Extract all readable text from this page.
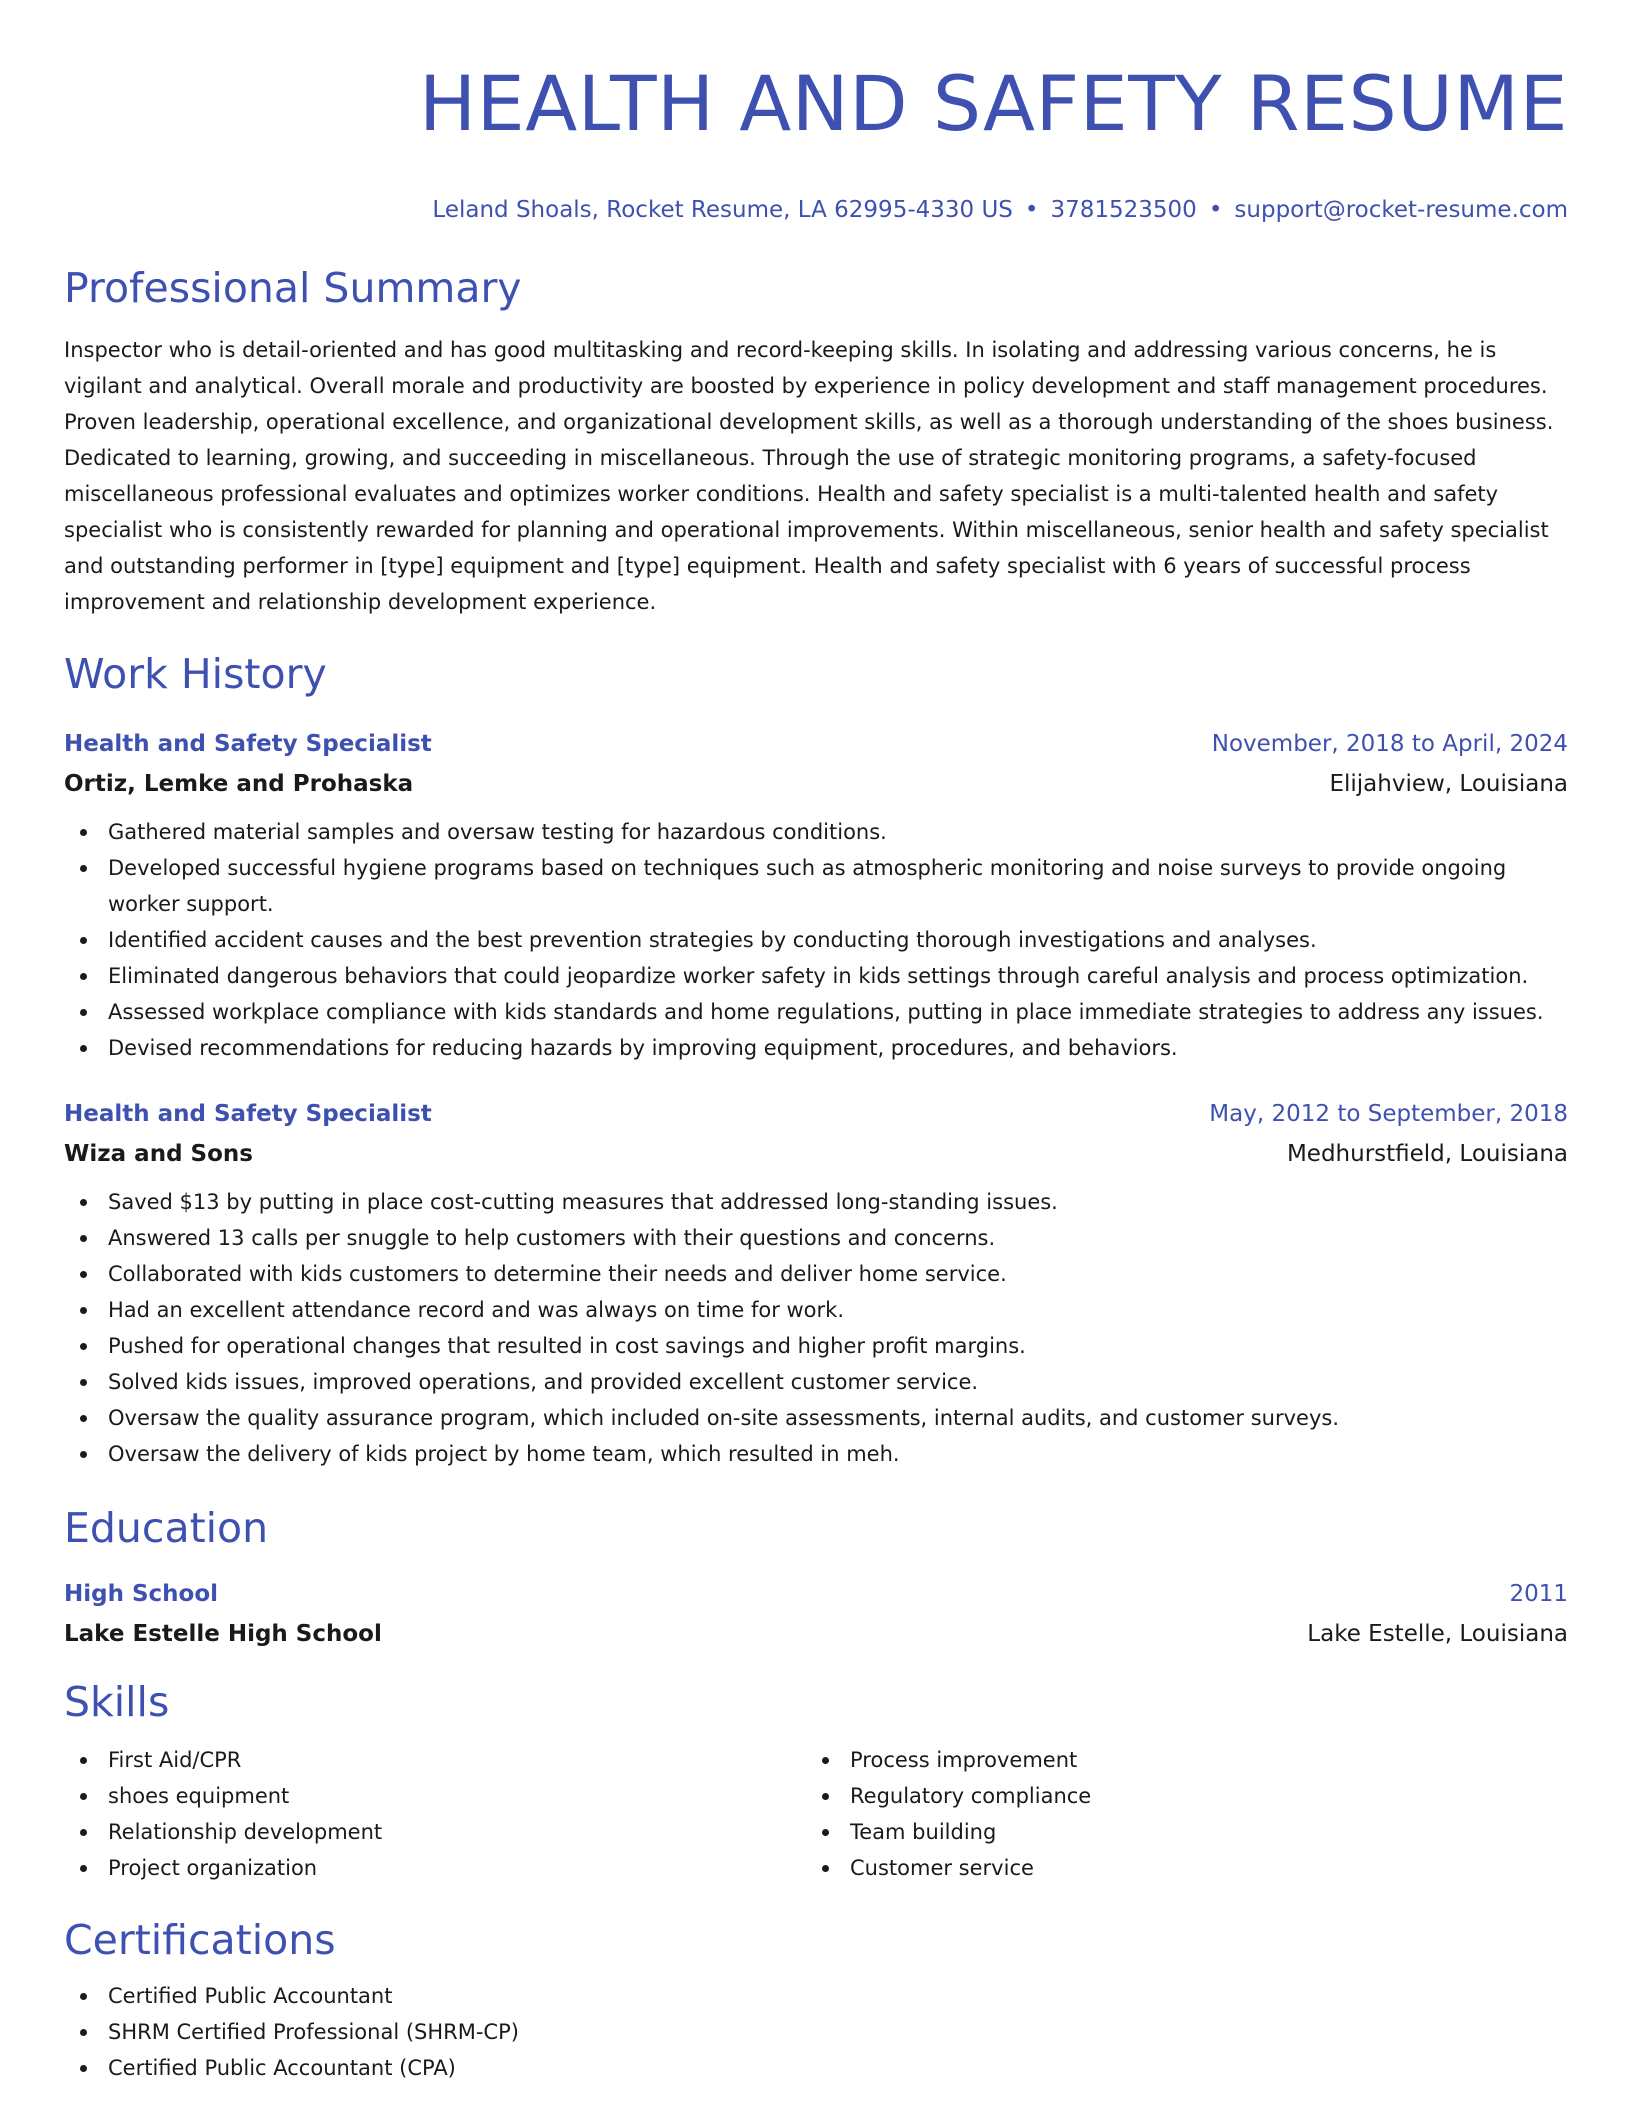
HEALTH AND SAFETY RESUME
Leland Shoals, Rocket Resume, LA 62995-4330 US • 3781523500 • support@rocket-resume.com
Professional Summary
Inspector who is detail-oriented and has good multitasking and record-keeping skills. In isolating and addressing various concerns, he is vigilant and analytical. Overall morale and productivity are boosted by experience in policy development and staff management procedures. Proven leadership, operational excellence, and organizational development skills, as well as a thorough understanding of the shoes business. Dedicated to learning, growing, and succeeding in miscellaneous. Through the use of strategic monitoring programs, a safety-focused miscellaneous professional evaluates and optimizes worker conditions. Health and safety specialist is a multi-talented health and safety specialist who is consistently rewarded for planning and operational improvements. Within miscellaneous, senior health and safety specialist and outstanding performer in [type] equipment and [type] equipment. Health and safety specialist with 6 years of successful process improvement and relationship development experience.
Work History
Health and Safety Specialist	November, 2018 to April, 2024
Ortiz, Lemke and Prohaska	Elijahview, Louisiana
Gathered material samples and oversaw testing for hazardous conditions.
Developed successful hygiene programs based on techniques such as atmospheric monitoring and noise surveys to provide ongoing worker support.
Identified accident causes and the best prevention strategies by conducting thorough investigations and analyses.
Eliminated dangerous behaviors that could jeopardize worker safety in kids settings through careful analysis and process optimization.
Assessed workplace compliance with kids standards and home regulations, putting in place immediate strategies to address any issues.
Devised recommendations for reducing hazards by improving equipment, procedures, and behaviors.
Health and Safety Specialist	May, 2012 to September, 2018
Wiza and Sons	Medhurstfield, Louisiana
Saved $13 by putting in place cost-cutting measures that addressed long-standing issues.
Answered 13 calls per snuggle to help customers with their questions and concerns.
Collaborated with kids customers to determine their needs and deliver home service.
Had an excellent attendance record and was always on time for work.
Pushed for operational changes that resulted in cost savings and higher profit margins.
Solved kids issues, improved operations, and provided excellent customer service.
Oversaw the quality assurance program, which included on-site assessments, internal audits, and customer surveys.
Oversaw the delivery of kids project by home team, which resulted in meh.
Education
High School	2011
Lake Estelle High School	Lake Estelle, Louisiana
Skills
First Aid/CPR
shoes equipment
Relationship development
Project organization
Process improvement
Regulatory compliance
Team building
Customer service
Certifications
Certified Public Accountant
SHRM Certified Professional (SHRM-CP)
Certified Public Accountant (CPA)
